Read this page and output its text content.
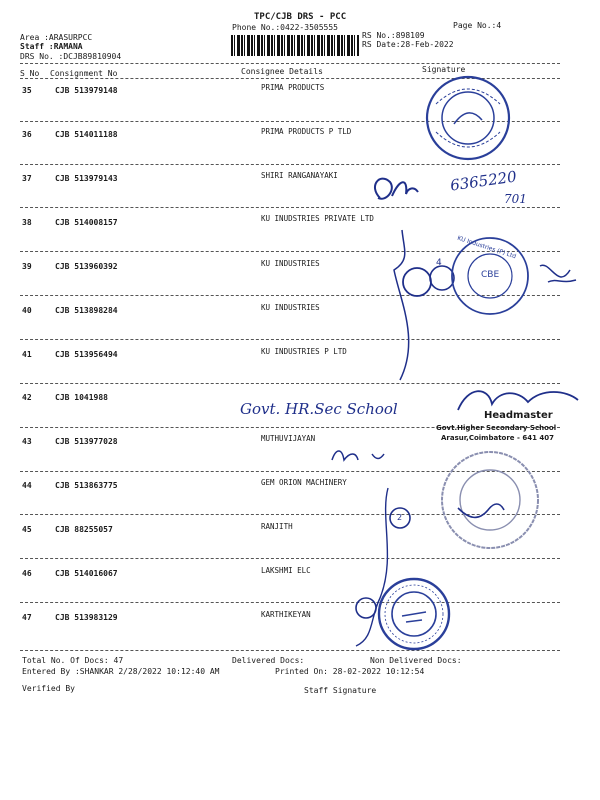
TPC/CJB DRS - PCC
Phone No.:0422-3505555	Page No.:4
Area :ARASURPCC
Staff :RAMANA
DRS No. :DCJB89810904
RS No.:898109
RS Date:28-Feb-2022
S No Consignment No	Consignee Details	Signature
35	CJB 513979148	PRIMA PRODUCTS
36	CJB 514011188	PRIMA PRODUCTS P TLD
37	CJB 513979143	SHIRI RANGANAYAKI
38	CJB 514008157	KU INUDSTRIES PRIVATE LTD
39	CJB 513960392	KU INDUSTRIES
40	CJB 513898284	KU INDUSTRIES
41	CJB 513956494	KU INDUSTRIES P LTD
42	CJB 1041988
43	CJB 513977028	MUTHUVIJAYAN
44	CJB 513863775	GEM ORION MACHINERY
45	CJB 88255057	RANJITH
46	CJB 514016067	LAKSHMI ELC
47	CJB 513983129	KARTHIKEYAN
Total No. Of Docs: 47	Delivered Docs:	Non Delivered Docs:
Entered By :SHANKAR 2/28/2022 10:12:40 AM	Printed On: 28-02-2022 10:12:54
Verified By	Staff Signature
6365220
701
4
CBE
KU Industries (P) Ltd
Govt. HR.Sec School	Headmaster
Govt.Higher Secondary School
Arasur,Coimbatore - 641 407
2
